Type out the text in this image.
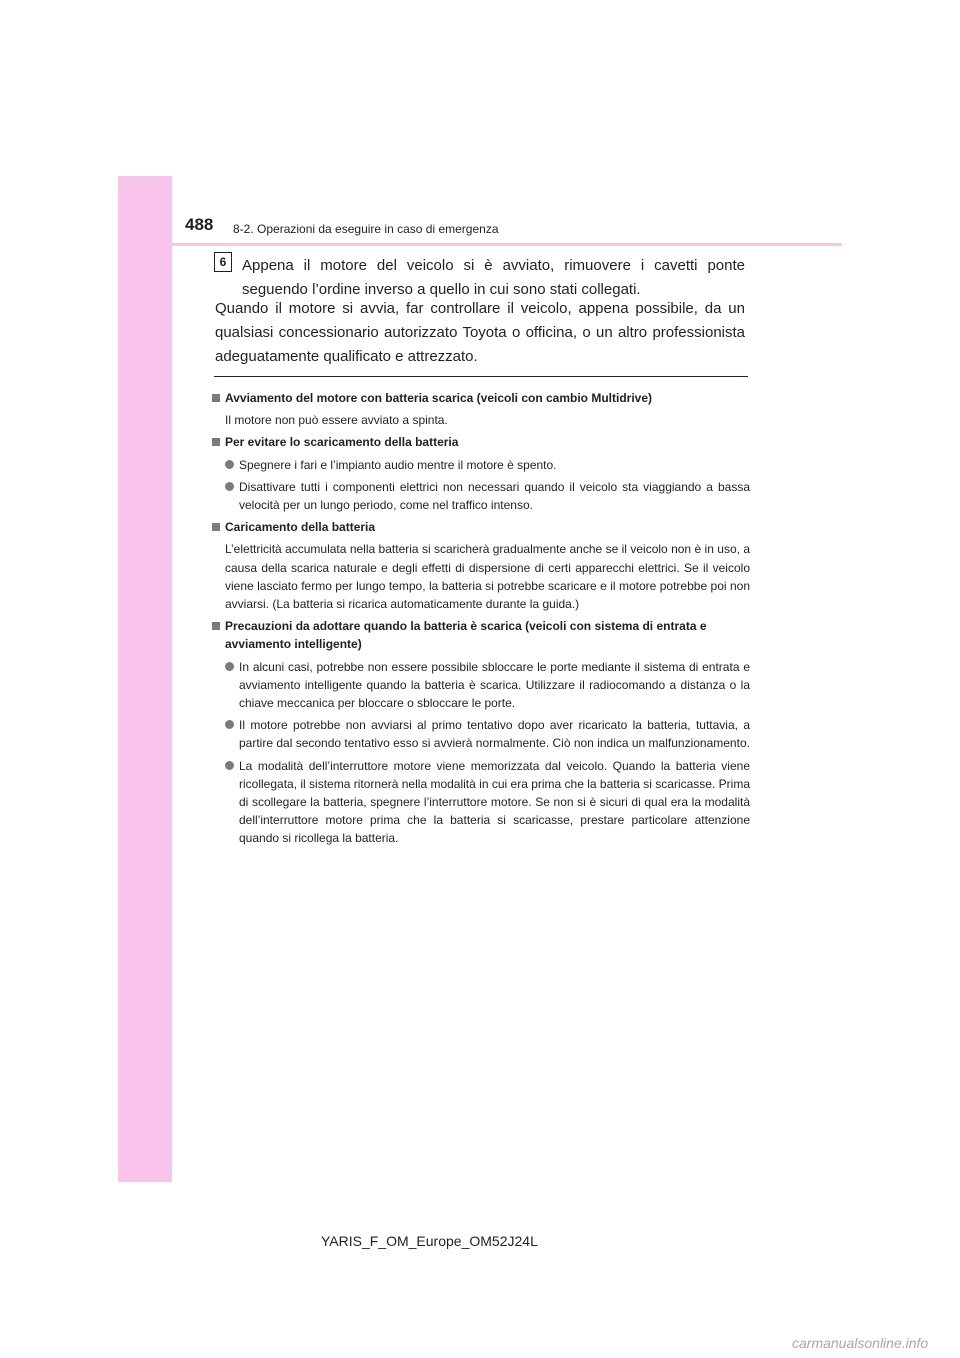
488 8-2. Operazioni da eseguire in caso di emergenza
6	Appena il motore del veicolo si è avviato, rimuovere i cavetti ponte seguendo l’ordine inverso a quello in cui sono stati collegati.

Quando il motore si avvia, far controllare il veicolo, appena possibile, da un qualsiasi concessionario autorizzato Toyota o officina, o un altro professionista adeguatamente qualificato e attrezzato.

Avviamento del motore con batteria scarica (veicoli con cambio Multidrive)
Il motore non può essere avviato a spinta.
Per evitare lo scaricamento della batteria
Spegnere i fari e l’impianto audio mentre il motore è spento.
Disattivare tutti i componenti elettrici non necessari quando il veicolo sta viaggiando a bassa velocità per un lungo periodo, come nel traffico intenso.
Caricamento della batteria
L’elettricità accumulata nella batteria si scaricherà gradualmente anche se il veicolo non è in uso, a causa della scarica naturale e degli effetti di dispersione di certi apparecchi elettrici. Se il veicolo viene lasciato fermo per lungo tempo, la batteria si potrebbe scaricare e il motore potrebbe poi non avviarsi. (La batteria si ricarica automaticamente durante la guida.)
Precauzioni da adottare quando la batteria è scarica (veicoli con sistema di entrata e avviamento intelligente)
In alcuni casi, potrebbe non essere possibile sbloccare le porte mediante il sistema di entrata e avviamento intelligente quando la batteria è scarica. Utilizzare il radiocomando a distanza o la chiave meccanica per bloccare o sbloccare le porte.
Il motore potrebbe non avviarsi al primo tentativo dopo aver ricaricato la batteria, tuttavia, a partire dal secondo tentativo esso si avvierà normalmente. Ciò non indica un malfunzionamento.
La modalità dell’interruttore motore viene memorizzata dal veicolo. Quando la batteria viene ricollegata, il sistema ritornerà nella modalità in cui era prima che la batteria si scaricasse. Prima di scollegare la batteria, spegnere l’interruttore motore. Se non si è sicuri di qual era la modalità dell’interruttore motore prima che la batteria si scaricasse, prestare particolare attenzione quando si ricollega la batteria.
YARIS_F_OM_Europe_OM52J24L
carmanualsonline.info
